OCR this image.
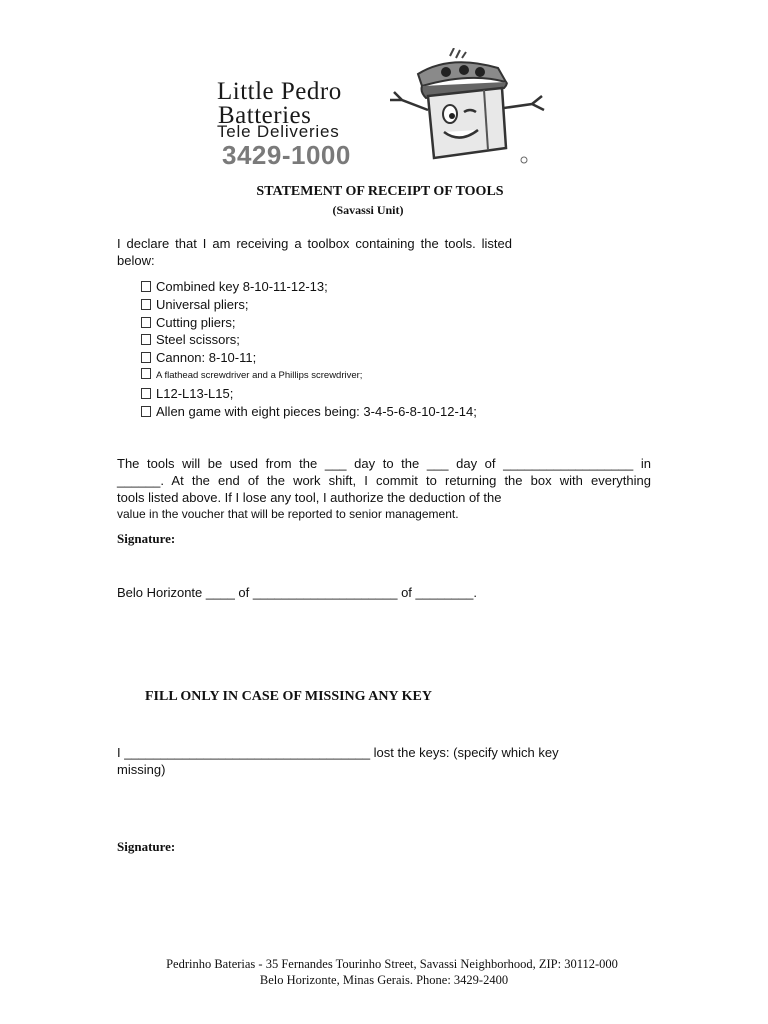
Little Pedro
Batteries
Tele Deliveries
3429-1000
STATEMENT OF RECEIPT OF TOOLS
(Savassi Unit)
I declare that I am receiving a toolbox containing the tools. listed below:
Combined key 8-10-11-12-13;
Universal pliers;
Cutting pliers;
Steel scissors;
Cannon: 8-10-11;
A flathead screwdriver and a Phillips screwdriver;
L12-L13-L15;
Allen game with eight pieces being: 3-4-5-6-8-10-12-14;
The tools will be used from the ___ day to the ___ day of __________________ in
______. At the end of the work shift, I commit to returning the box with everything
tools listed above. If I lose any tool, I authorize the deduction of the
value in the voucher that will be reported to senior management.
Signature:
Belo Horizonte ____ of ____________________ of ________.
FILL ONLY IN CASE OF MISSING ANY KEY
I __________________________________ lost the keys: (specify which key missing)
Signature:
Pedrinho Baterias - 35 Fernandes Tourinho Street, Savassi Neighborhood, ZIP: 30112-000
Belo Horizonte, Minas Gerais. Phone: 3429-2400
